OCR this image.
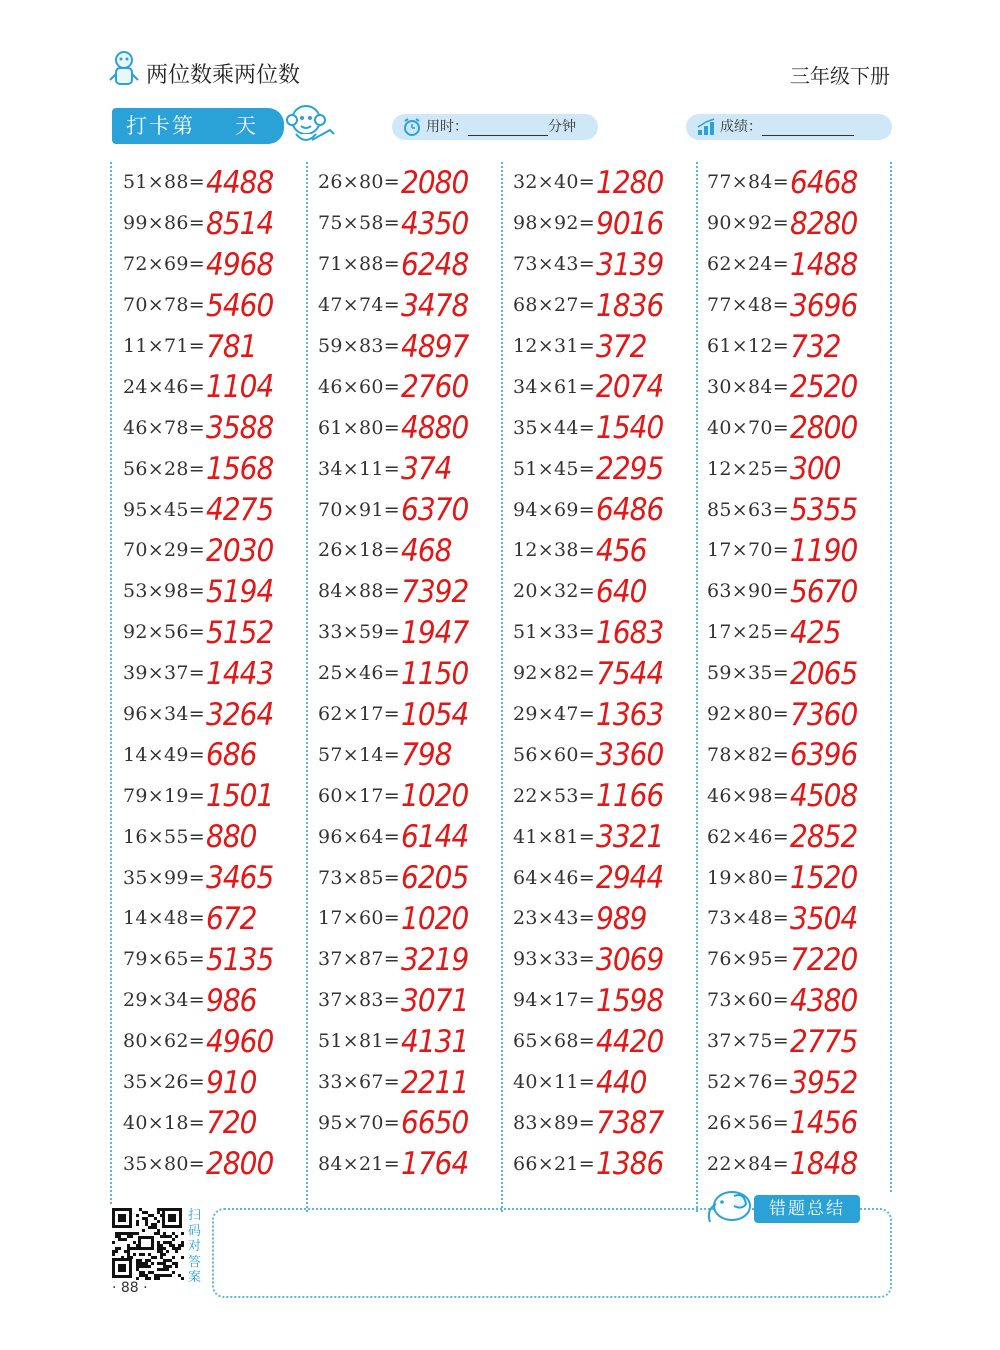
两位数乘两位数	三年级下册
打卡第 天	用时：	分钟	成绩：
51×88= 4488
99×86= 8514
72×69= 4968
70×78= 5460
11×71= 781
24×46= 1104
46×78= 3588
56×28= 1568
95×45= 4275
70×29= 2030
53×98= 5194
92×56= 5152
39×37= 1443
96×34= 3264
14×49= 686
79×19= 1501
16×55= 880
35×99= 3465
14×48= 672
79×65= 5135
29×34= 986
80×62= 4960
35×26= 910
40×18= 720
35×80= 2800
26×80= 2080
75×58= 4350
71×88= 6248
47×74= 3478
59×83= 4897
46×60= 2760
61×80= 4880
34×11= 374
70×91= 6370
26×18= 468
84×88= 7392
33×59= 1947
25×46= 1150
62×17= 1054
57×14= 798
60×17= 1020
96×64= 6144
73×85= 6205
17×60= 1020
37×87= 3219
37×83= 3071
51×81= 4131
33×67= 2211
95×70= 6650
84×21= 1764
32×40= 1280
98×92= 9016
73×43= 3139
68×27= 1836
12×31= 372
34×61= 2074
35×44= 1540
51×45= 2295
94×69= 6486
12×38= 456
20×32= 640
51×33= 1683
92×82= 7544
29×47= 1363
56×60= 3360
22×53= 1166
41×81= 3321
64×46= 2944
23×43= 989
93×33= 3069
94×17= 1598
65×68= 4420
40×11= 440
83×89= 7387
66×21= 1386
77×84= 6468
90×92= 8280
62×24= 1488
77×48= 3696
61×12= 732
30×84= 2520
40×70= 2800
12×25= 300
85×63= 5355
17×70= 1190
63×90= 5670
17×25= 425
59×35= 2065
92×80= 7360
78×82= 6396
46×98= 4508
62×46= 2852
19×80= 1520
73×48= 3504
76×95= 7220
73×60= 4380
37×75= 2775
52×76= 3952
26×56= 1456
22×84= 1848
错题总结
扫码对答案
· 88 ·
